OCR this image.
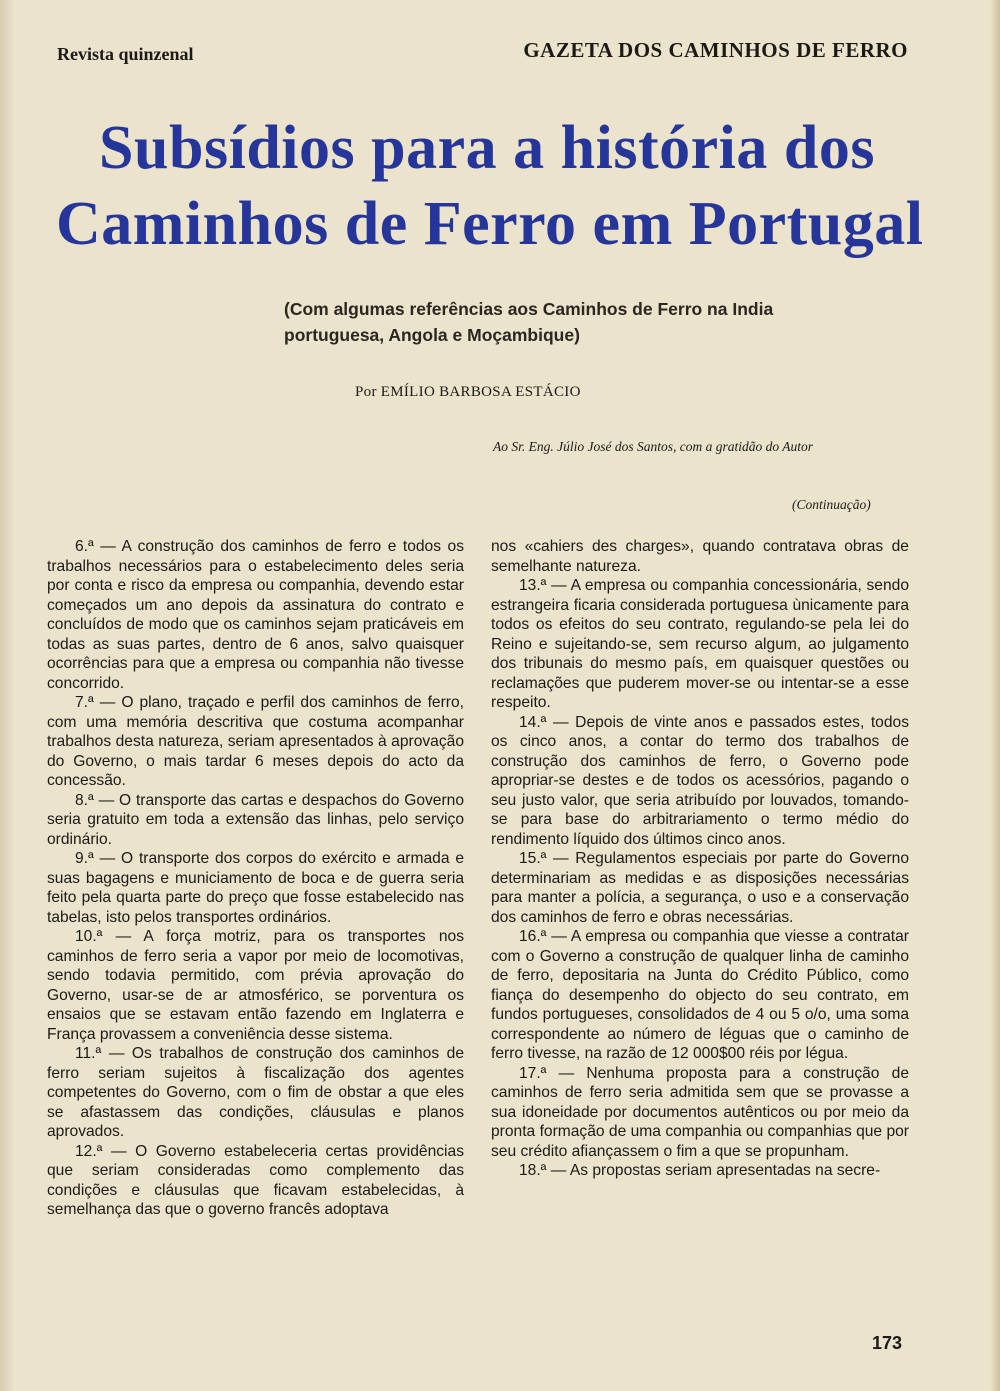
Revista quinzenal	GAZETA DOS CAMINHOS DE FERRO
Subsídios para a história dos
Caminhos de Ferro em Portugal
(Com algumas referências aos Caminhos de Ferro na India
portuguesa, Angola e Moçambique)
Por EMÍLIO BARBOSA ESTÁCIO
Ao Sr. Eng. Júlio José dos Santos, com a gratidão do Autor
(Continuação)

6.ª — A construção dos caminhos de ferro e todos os trabalhos necessários para o estabelecimento deles seria por conta e risco da empresa ou companhia, devendo estar começados um ano depois da assinatura do contrato e concluídos de modo que os caminhos sejam praticáveis em todas as suas partes, dentro de 6 anos, salvo quaisquer ocorrências para que a empresa ou companhia não tivesse concorrido.

7.ª — O plano, traçado e perfil dos caminhos de ferro, com uma memória descritiva que costuma acompanhar trabalhos desta natureza, seriam apresentados à aprovação do Governo, o mais tardar 6 meses depois do acto da concessão.

8.ª — O transporte das cartas e despachos do Governo seria gratuito em toda a extensão das linhas, pelo serviço ordinário.

9.ª — O transporte dos corpos do exército e armada e suas bagagens e municiamento de boca e de guerra seria feito pela quarta parte do preço que fosse estabelecido nas tabelas, isto pelos transportes ordinários.

10.ª — A força motriz, para os transportes nos caminhos de ferro seria a vapor por meio de locomotivas, sendo todavia permitido, com prévia aprovação do Governo, usar-se de ar atmosférico, se porventura os ensaios que se estavam então fazendo em Inglaterra e França provassem a conveniência desse sistema.

11.ª — Os trabalhos de construção dos caminhos de ferro seriam sujeitos à fiscalização dos agentes competentes do Governo, com o fim de obstar a que eles se afastassem das condições, cláusulas e planos aprovados.

12.ª — O Governo estabeleceria certas providências que seriam consideradas como complemento das condições e cláusulas que ficavam estabelecidas, à semelhança das que o governo francês adoptava

nos «cahiers des charges», quando contratava obras de semelhante natureza.

13.ª — A empresa ou companhia concessionária, sendo estrangeira ficaria considerada portuguesa ùnicamente para todos os efeitos do seu contrato, regulando-se pela lei do Reino e sujeitando-se, sem recurso algum, ao julgamento dos tribunais do mesmo país, em quaisquer questões ou reclamações que puderem mover-se ou intentar-se a esse respeito.

14.ª — Depois de vinte anos e passados estes, todos os cinco anos, a contar do termo dos trabalhos de construção dos caminhos de ferro, o Governo pode apropriar-se destes e de todos os acessórios, pagando o seu justo valor, que seria atribuído por louvados, tomando-se para base do arbitrariamento o termo médio do rendimento líquido dos últimos cinco anos.

15.ª — Regulamentos especiais por parte do Governo determinariam as medidas e as disposições necessárias para manter a polícia, a segurança, o uso e a conservação dos caminhos de ferro e obras necessárias.

16.ª — A empresa ou companhia que viesse a contratar com o Governo a construção de qualquer linha de caminho de ferro, depositaria na Junta do Crédito Público, como fiança do desempenho do objecto do seu contrato, em fundos portugueses, consolidados de 4 ou 5 o/o, uma soma correspondente ao número de léguas que o caminho de ferro tivesse, na razão de 12 000$00 réis por légua.

17.ª — Nenhuma proposta para a construção de caminhos de ferro seria admitida sem que se provasse a sua idoneidade por documentos autênticos ou por meio da pronta formação de uma companhia ou companhias que por seu crédito afiançassem o fim a que se propunham.

18.ª — As propostas seriam apresentadas na secre-

173
